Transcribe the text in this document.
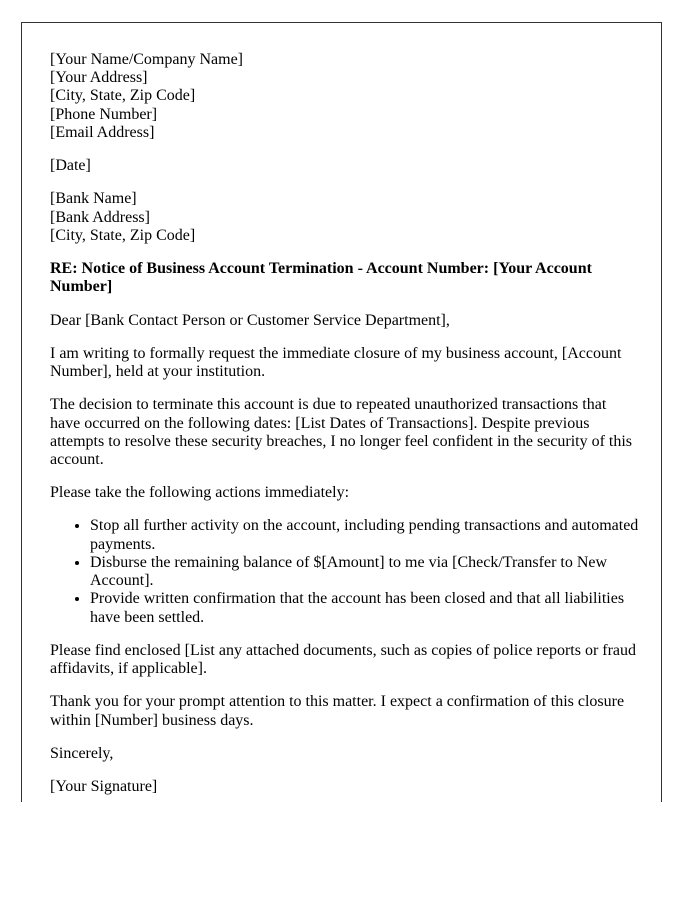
[Your Name/Company Name]
[Your Address]
[City, State, Zip Code]
[Phone Number]
[Email Address]

[Date]

[Bank Name]
[Bank Address]
[City, State, Zip Code]

RE: Notice of Business Account Termination - Account Number: [Your Account Number]

Dear [Bank Contact Person or Customer Service Department],

I am writing to formally request the immediate closure of my business account, [Account Number], held at your institution.

The decision to terminate this account is due to repeated unauthorized transactions that have occurred on the following dates: [List Dates of Transactions]. Despite previous attempts to resolve these security breaches, I no longer feel confident in the security of this account.

Please take the following actions immediately:

• Stop all further activity on the account, including pending transactions and automated payments.
• Disburse the remaining balance of $[Amount] to me via [Check/Transfer to New Account].
• Provide written confirmation that the account has been closed and that all liabilities have been settled.

Please find enclosed [List any attached documents, such as copies of police reports or fraud affidavits, if applicable].

Thank you for your prompt attention to this matter. I expect a confirmation of this closure within [Number] business days.

Sincerely,

[Your Signature]
